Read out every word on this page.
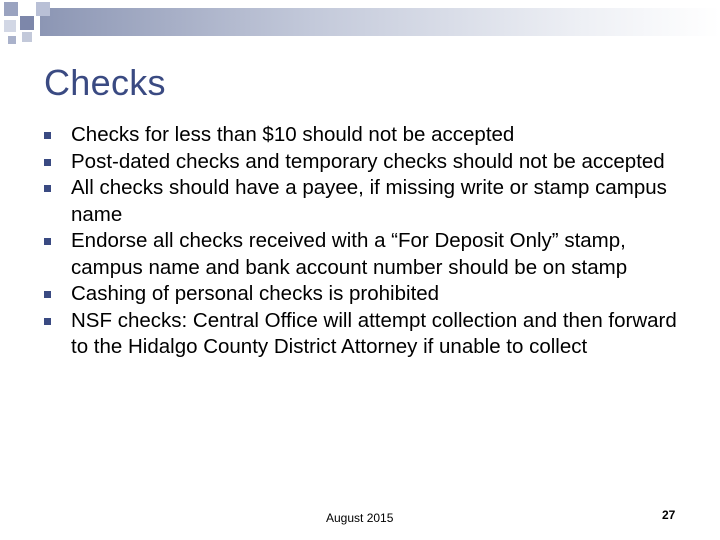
Checks
Checks for less than $10 should not be accepted
Post-dated checks and temporary checks should not be accepted
All checks should have a payee, if missing write or stamp campus name
Endorse all checks received with a “For Deposit Only” stamp, campus name and bank account number should be on stamp
Cashing of personal checks is prohibited
NSF checks: Central Office will attempt collection and then forward to the Hidalgo County District Attorney if unable to collect
August 2015	27
